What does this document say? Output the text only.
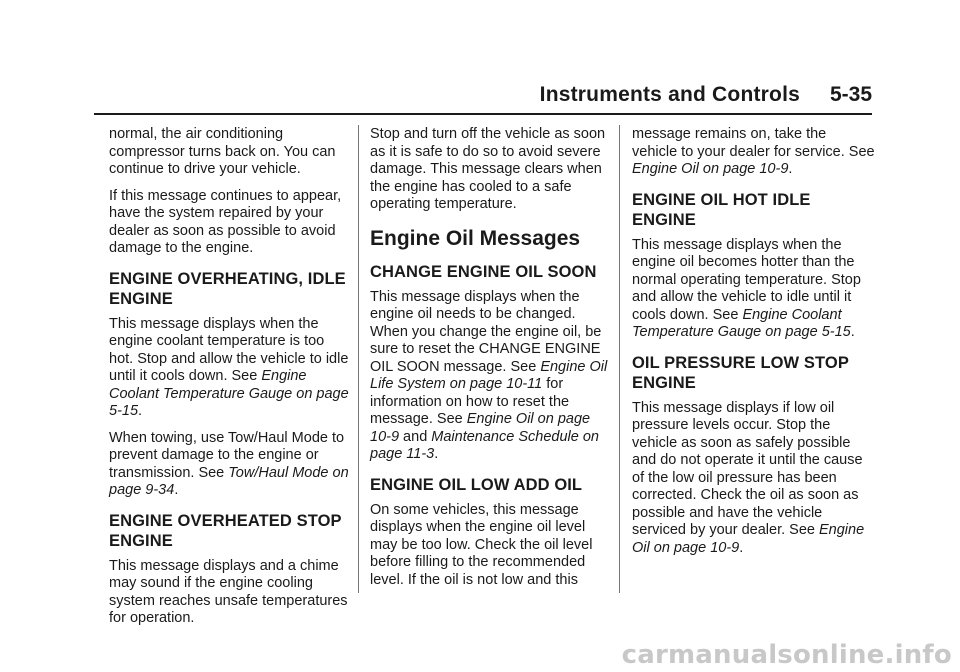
Instruments and Controls 5-35

normal, the air conditioning compressor turns back on. You can continue to drive your vehicle.

If this message continues to appear, have the system repaired by your dealer as soon as possible to avoid damage to the engine.

ENGINE OVERHEATING, IDLE ENGINE

This message displays when the engine coolant temperature is too hot. Stop and allow the vehicle to idle until it cools down. See Engine Coolant Temperature Gauge on page 5-15.

When towing, use Tow/Haul Mode to prevent damage to the engine or transmission. See Tow/Haul Mode on page 9-34.

ENGINE OVERHEATED STOP ENGINE

This message displays and a chime may sound if the engine cooling system reaches unsafe temperatures for operation.

Stop and turn off the vehicle as soon as it is safe to do so to avoid severe damage. This message clears when the engine has cooled to a safe operating temperature.

Engine Oil Messages
CHANGE ENGINE OIL SOON

This message displays when the engine oil needs to be changed. When you change the engine oil, be sure to reset the CHANGE ENGINE OIL SOON message. See Engine Oil Life System on page 10-11 for information on how to reset the message. See Engine Oil on page 10-9 and Maintenance Schedule on page 11-3.

ENGINE OIL LOW ADD OIL

On some vehicles, this message displays when the engine oil level may be too low. Check the oil level before filling to the recommended level. If the oil is not low and this

message remains on, take the vehicle to your dealer for service. See Engine Oil on page 10-9.

ENGINE OIL HOT IDLE ENGINE

This message displays when the engine oil becomes hotter than the normal operating temperature. Stop and allow the vehicle to idle until it cools down. See Engine Coolant Temperature Gauge on page 5-15.

OIL PRESSURE LOW STOP ENGINE

This message displays if low oil pressure levels occur. Stop the vehicle as soon as safely possible and do not operate it until the cause of the low oil pressure has been corrected. Check the oil as soon as possible and have the vehicle serviced by your dealer. See Engine Oil on page 10-9.

carmanualsonline.info
